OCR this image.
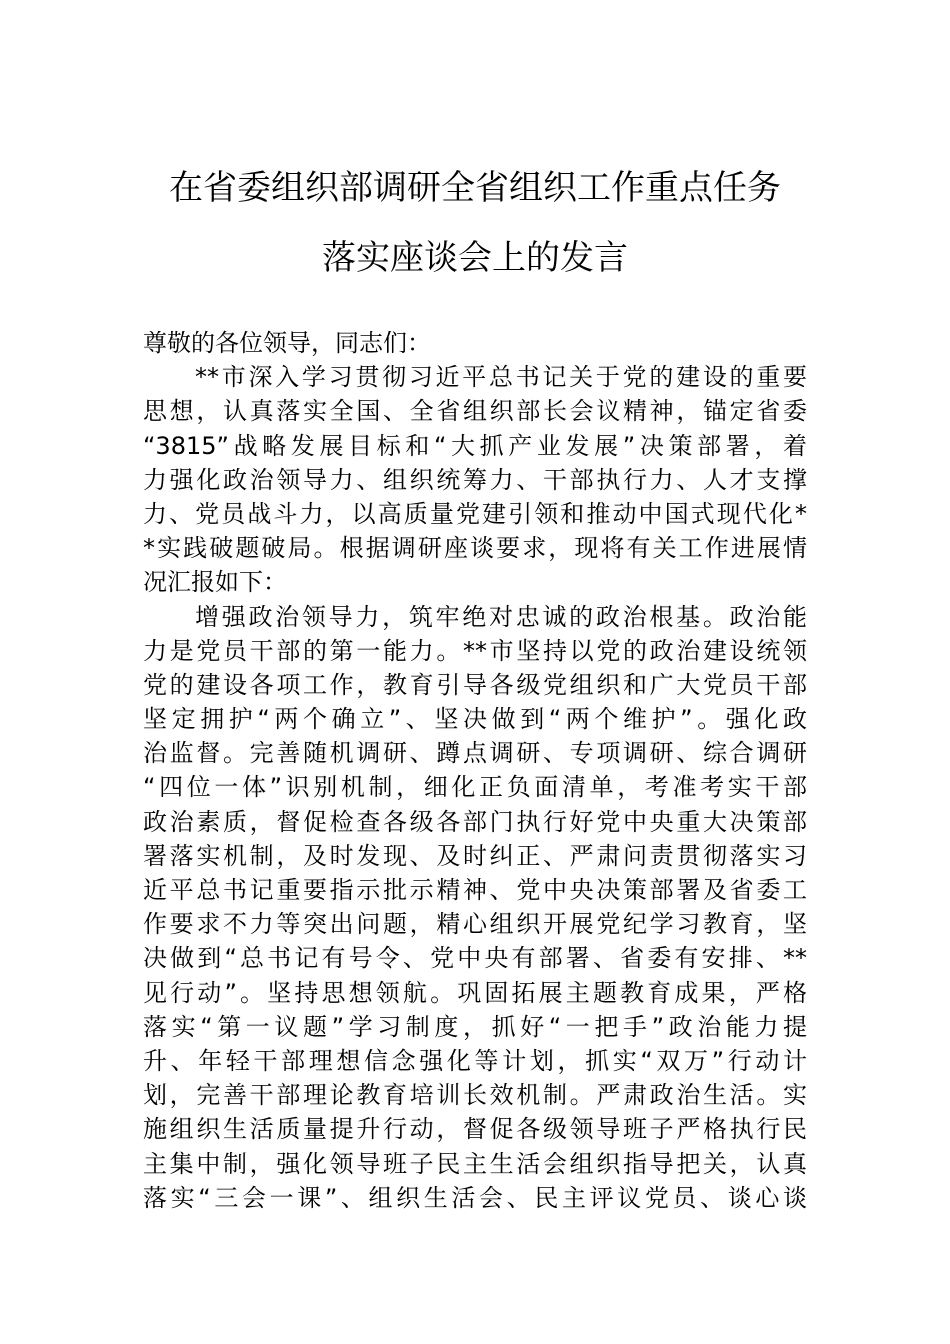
在省委组织部调研全省组织工作重点任务
落实座谈会上的发言
尊敬的各位领导，同志们：
**市深入学习贯彻习近平总书记关于党的建设的重要
思想，认真落实全国、全省组织部长会议精神，锚定省委
“3815”战略发展目标和“大抓产业发展”决策部署，着
力强化政治领导力、组织统筹力、干部执行力、人才支撑
力、党员战斗力，以高质量党建引领和推动中国式现代化*
*实践破题破局。根据调研座谈要求，现将有关工作进展情
况汇报如下：
增强政治领导力，筑牢绝对忠诚的政治根基。政治能
力是党员干部的第一能力。**市坚持以党的政治建设统领
党的建设各项工作，教育引导各级党组织和广大党员干部
坚定拥护“两个确立”、坚决做到“两个维护”。强化政
治监督。完善随机调研、蹲点调研、专项调研、综合调研
“四位一体”识别机制，细化正负面清单，考准考实干部
政治素质，督促检查各级各部门执行好党中央重大决策部
署落实机制，及时发现、及时纠正、严肃问责贯彻落实习
近平总书记重要指示批示精神、党中央决策部署及省委工
作要求不力等突出问题，精心组织开展党纪学习教育，坚
决做到“总书记有号令、党中央有部署、省委有安排、**
见行动”。坚持思想领航。巩固拓展主题教育成果，严格
落实“第一议题”学习制度，抓好“一把手”政治能力提
升、年轻干部理想信念强化等计划，抓实“双万”行动计
划，完善干部理论教育培训长效机制。严肃政治生活。实
施组织生活质量提升行动，督促各级领导班子严格执行民
主集中制，强化领导班子民主生活会组织指导把关，认真
落实“三会一课”、组织生活会、民主评议党员、谈心谈
